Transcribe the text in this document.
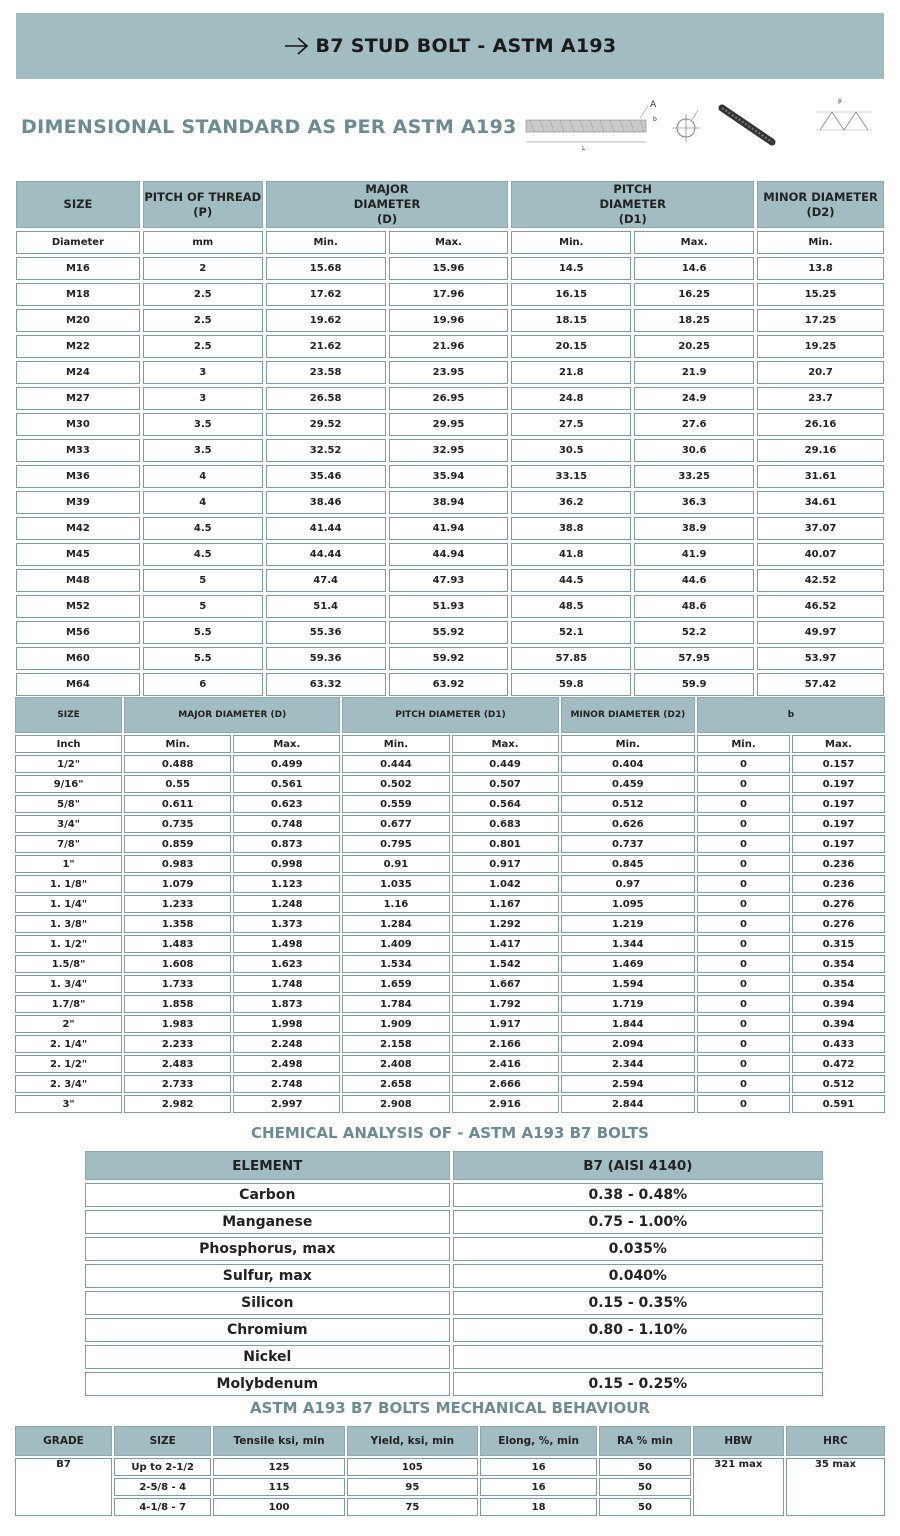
B7 STUD BOLT - ASTM A193
DIMENSIONAL STANDARD AS PER ASTM A193
A
b
L
P
SIZE	PITCH OF THREAD (P)	MAJOR DIAMETER (D)		PITCH DIAMETER (D1)		MINOR DIAMETER (D2)
Diameter	mm	Min.	Max.	Min.	Max.	Min.
M16	2	15.68	15.96	14.5	14.6	13.8
M18	2.5	17.62	17.96	16.15	16.25	15.25
M20	2.5	19.62	19.96	18.15	18.25	17.25
M22	2.5	21.62	21.96	20.15	20.25	19.25
M24	3	23.58	23.95	21.8	21.9	20.7
M27	3	26.58	26.95	24.8	24.9	23.7
M30	3.5	29.52	29.95	27.5	27.6	26.16
M33	3.5	32.52	32.95	30.5	30.6	29.16
M36	4	35.46	35.94	33.15	33.25	31.61
M39	4	38.46	38.94	36.2	36.3	34.61
M42	4.5	41.44	41.94	38.8	38.9	37.07
M45	4.5	44.44	44.94	41.8	41.9	40.07
M48	5	47.4	47.93	44.5	44.6	42.52
M52	5	51.4	51.93	48.5	48.6	46.52
M56	5.5	55.36	55.92	52.1	52.2	49.97
M60	5.5	59.36	59.92	57.85	57.95	53.97
M64	6	63.32	63.92	59.8	59.9	57.42
SIZE	MAJOR DIAMETER (D)		PITCH DIAMETER (D1)		MINOR DIAMETER (D2)	b	
Inch	Min.	Max.	Min.	Max.	Min.	Min.	Max.
1/2"	0.488	0.499	0.444	0.449	0.404	0	0.157
9/16"	0.55	0.561	0.502	0.507	0.459	0	0.197
5/8"	0.611	0.623	0.559	0.564	0.512	0	0.197
3/4"	0.735	0.748	0.677	0.683	0.626	0	0.197
7/8"	0.859	0.873	0.795	0.801	0.737	0	0.197
1"	0.983	0.998	0.91	0.917	0.845	0	0.236
1. 1/8"	1.079	1.123	1.035	1.042	0.97	0	0.236
1. 1/4"	1.233	1.248	1.16	1.167	1.095	0	0.276
1. 3/8"	1.358	1.373	1.284	1.292	1.219	0	0.276
1. 1/2"	1.483	1.498	1.409	1.417	1.344	0	0.315
1.5/8"	1.608	1.623	1.534	1.542	1.469	0	0.354
1. 3/4"	1.733	1.748	1.659	1.667	1.594	0	0.354
1.7/8"	1.858	1.873	1.784	1.792	1.719	0	0.394
2"	1.983	1.998	1.909	1.917	1.844	0	0.394
2. 1/4"	2.233	2.248	2.158	2.166	2.094	0	0.433
2. 1/2"	2.483	2.498	2.408	2.416	2.344	0	0.472
2. 3/4"	2.733	2.748	2.658	2.666	2.594	0	0.512
3"	2.982	2.997	2.908	2.916	2.844	0	0.591
CHEMICAL ANALYSIS OF - ASTM A193 B7 BOLTS
ELEMENT	B7 (AISI 4140)
Carbon	0.38 - 0.48%
Manganese	0.75 - 1.00%
Phosphorus, max	0.035%
Sulfur, max	0.040%
Silicon	0.15 - 0.35%
Chromium	0.80 - 1.10%
Nickel	
Molybdenum	0.15 - 0.25%
ASTM A193 B7 BOLTS MECHANICAL BEHAVIOUR
GRADE	SIZE	Tensile ksi, min	Yield, ksi, min	Elong, %, min	RA % min	HBW	HRC
B7	Up to 2-1/2	125	105	16	50	321 max	35 max
	2-5/8 - 4	115	95	16	50		
	4-1/8 - 7	100	75	18	50		
